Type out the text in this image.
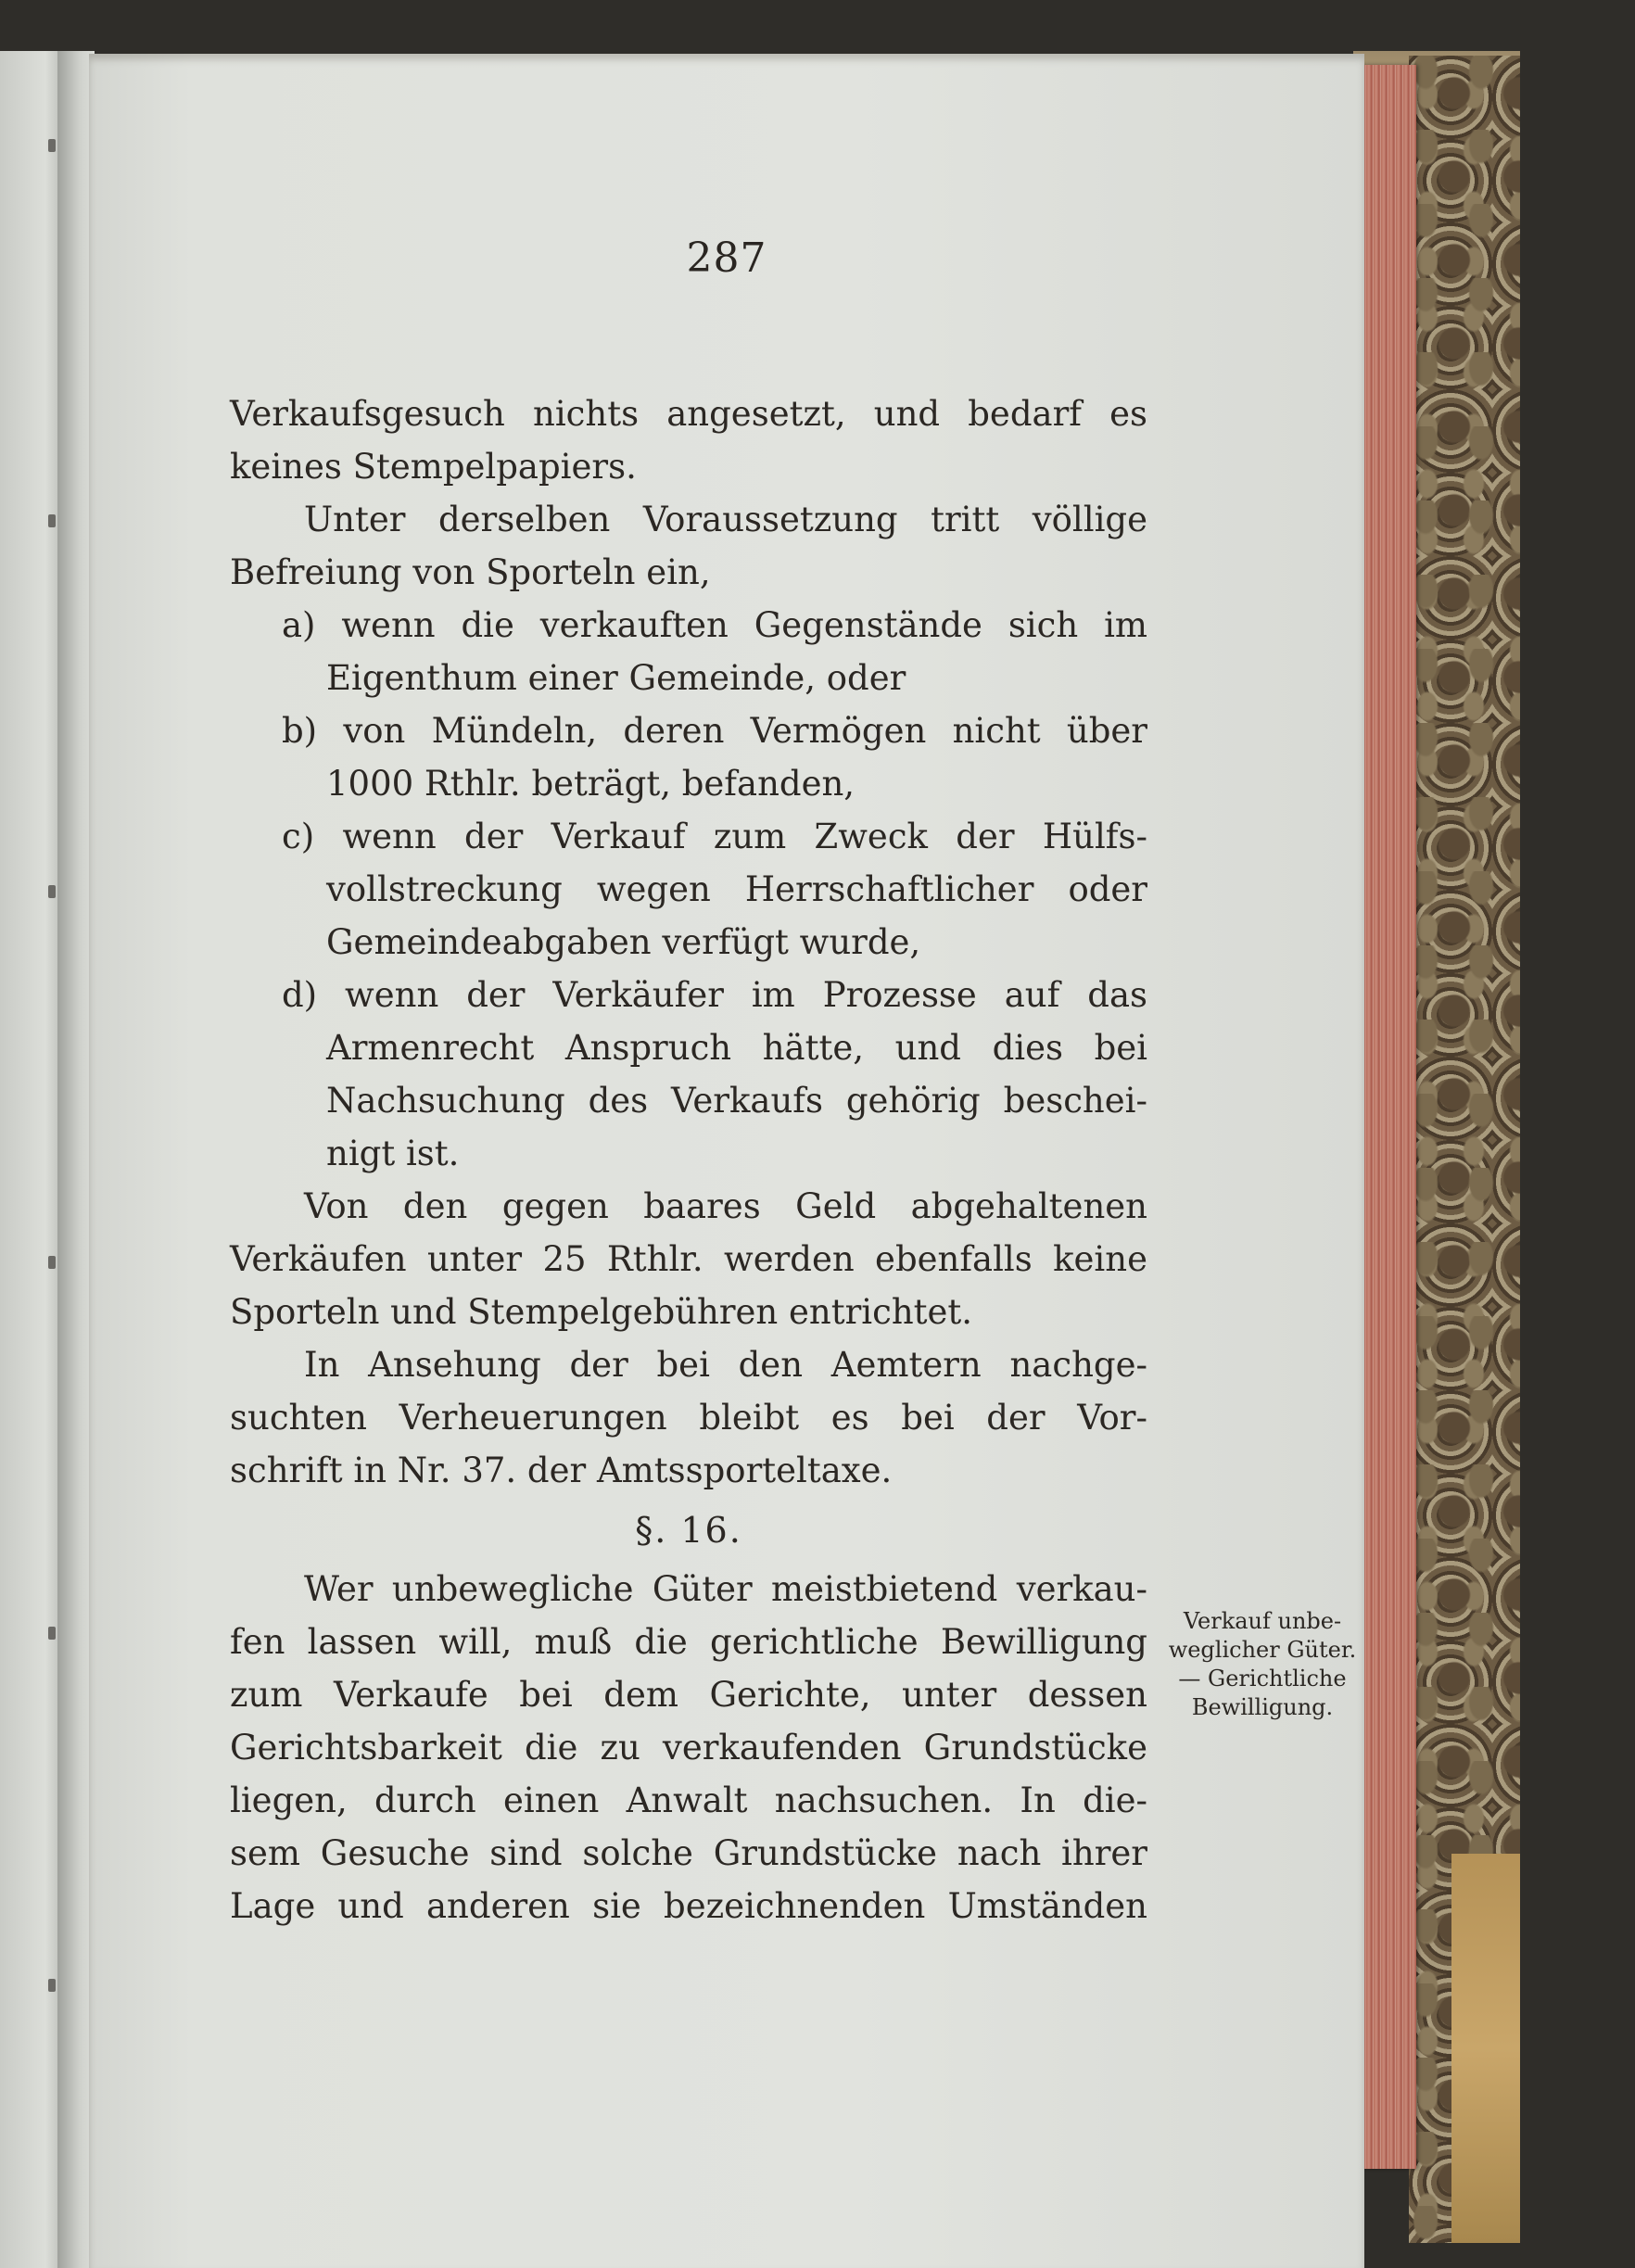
287
Verkaufsgesuch nichts angesetzt, und bedarf es
keines Stempelpapiers.
Unter derselben Voraussetzung tritt völlige
Befreiung von Sporteln ein,
a) wenn die verkauften Gegenstände sich im
Eigenthum einer Gemeinde, oder
b) von Mündeln, deren Vermögen nicht über
1000 Rthlr. beträgt, befanden,
c) wenn der Verkauf zum Zweck der Hülfs-
vollstreckung wegen Herrschaftlicher oder
Gemeindeabgaben verfügt wurde,
d) wenn der Verkäufer im Prozesse auf das
Armenrecht Anspruch hätte, und dies bei
Nachsuchung des Verkaufs gehörig beschei-
nigt ist.
Von den gegen baares Geld abgehaltenen
Verkäufen unter 25 Rthlr. werden ebenfalls keine
Sporteln und Stempelgebühren entrichtet.
In Ansehung der bei den Aemtern nachge-
suchten Verheuerungen bleibt es bei der Vor-
schrift in Nr. 37. der Amtssporteltaxe.
§. 16.
Wer unbewegliche Güter meistbietend verkau-
fen lassen will, muß die gerichtliche Bewilligung
zum Verkaufe bei dem Gerichte, unter dessen
Gerichtsbarkeit die zu verkaufenden Grundstücke
liegen, durch einen Anwalt nachsuchen. In die-
sem Gesuche sind solche Grundstücke nach ihrer
Lage und anderen sie bezeichnenden Umständen
Verkauf unbe-
weglicher Güter.
— Gerichtliche
Bewilligung.
